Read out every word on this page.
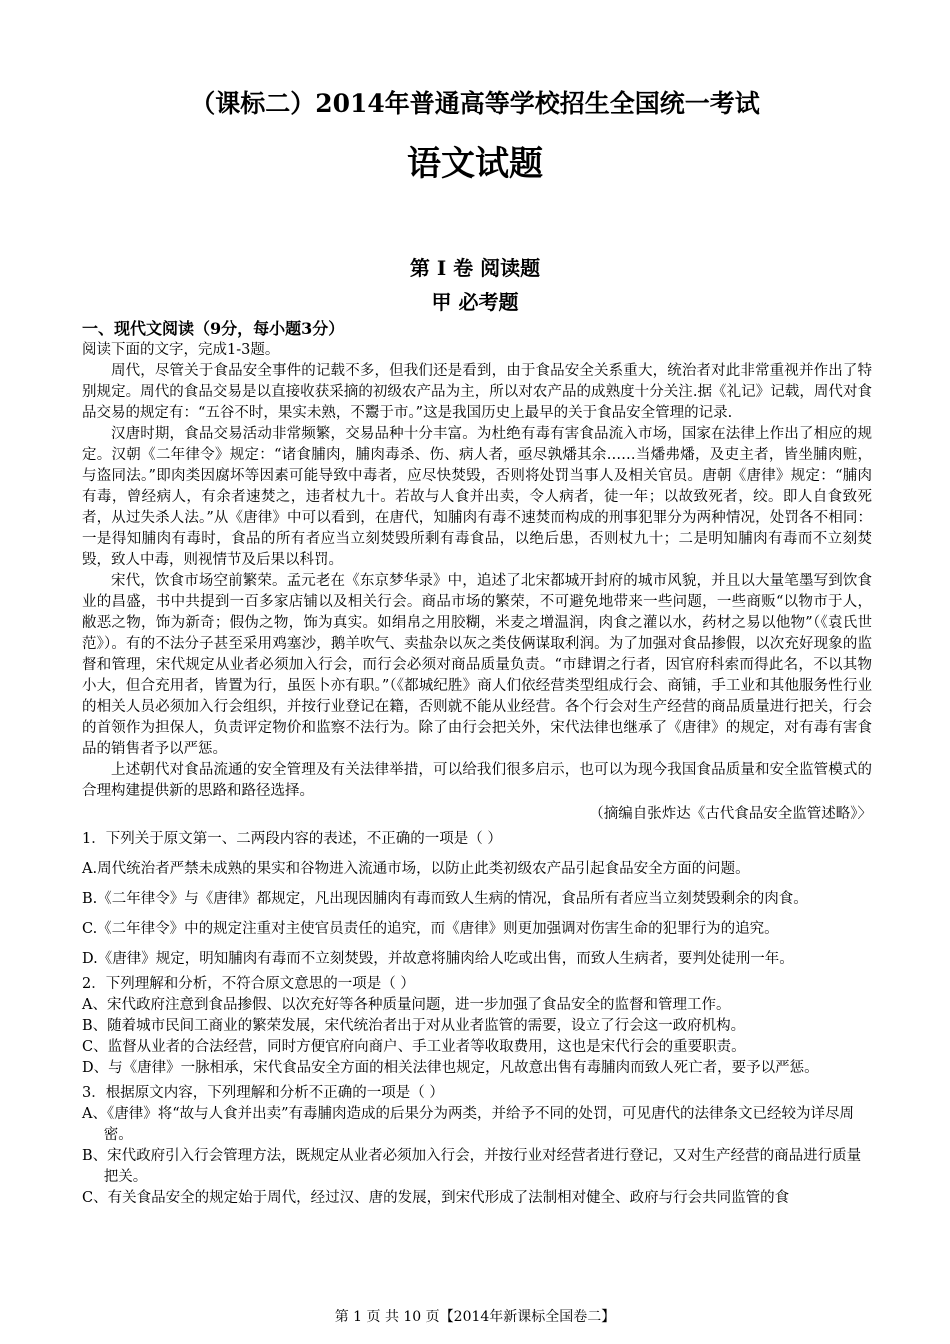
（课标二）2014年普通高等学校招生全国统一考试
语文试题
第 I 卷 阅读题
甲 必考题
一、现代文阅读（9分，每小题3分）

阅读下面的文字，完成1-3题。

周代，尽管关于食品安全事件的记载不多，但我们还是看到，由于食品安全关系重大，统治者对此非常重视并作出了特别规定。周代的食品交易是以直接收获采摘的初级农产品为主，所以对农产品的成熟度十分关注.据《礼记》记载，周代对食品交易的规定有：“五谷不时，果实未熟，不鬻于市。”这是我国历史上最早的关于食品安全管理的记录.

汉唐时期，食品交易活动非常频繁，交易品种十分丰富。为杜绝有毒有害食品流入市场，国家在法律上作出了相应的规定。汉朝《二年律令》规定：“诸食脯肉，脯肉毒杀、伤、病人者，亟尽孰燔其余……当燔弗燔，及吏主者，皆坐脯肉赃，与盗同法。”即肉类因腐坏等因素可能导致中毒者，应尽快焚毁，否则将处罚当事人及相关官员。唐朝《唐律》规定：“脯肉有毒，曾经病人，有余者速焚之，违者杖九十。若故与人食并出卖，令人病者，徒一年；以故致死者，绞。即人自食致死者，从过失杀人法。”从《唐律》中可以看到，在唐代，知脯肉有毒不速焚而构成的刑事犯罪分为两种情况，处罚各不相同：一是得知脯肉有毒时，食品的所有者应当立刻焚毁所剩有毒食品，以绝后患，否则杖九十；二是明知脯肉有毒而不立刻焚毁，致人中毒，则视情节及后果以科罚。

宋代，饮食市场空前繁荣。孟元老在《东京梦华录》中，追述了北宋都城开封府的城市风貌，并且以大量笔墨写到饮食业的昌盛，书中共提到一百多家店铺以及相关行会。商品市场的繁荣，不可避免地带来一些问题，一些商贩“以物市于人，敝恶之物，饰为新奇；假伪之物，饰为真实。如绢帛之用胶糊，米麦之增温润，肉食之灌以水，药材之易以他物”（《袁氏世范》）。有的不法分子甚至采用鸡塞沙，鹅羊吹气、卖盐杂以灰之类伎俩谋取利润。为了加强对食品掺假，以次充好现象的监督和管理，宋代规定从业者必须加入行会，而行会必须对商品质量负责。“市肆谓之行者，因官府科索而得此名，不以其物小大，但合充用者，皆置为行，虽医卜亦有职。”（《都城纪胜》商人们依经营类型组成行会、商铺，手工业和其他服务性行业的相关人员必须加入行会组织，并按行业登记在籍，否则就不能从业经营。各个行会对生产经营的商品质量进行把关，行会的首领作为担保人，负责评定物价和监察不法行为。除了由行会把关外，宋代法律也继承了《唐律》的规定，对有毒有害食品的销售者予以严惩。

上述朝代对食品流通的安全管理及有关法律举措，可以给我们很多启示，也可以为现今我国食品质量和安全监管模式的合理构建提供新的思路和路径选择。

（摘编自张炸达《古代食品安全监管述略》〉

1．下列关于原文第一、二两段内容的表述，不正确的一项是（ ）

A.周代统治者严禁未成熟的果实和谷物进入流通市场，以防止此类初级农产品引起食品安全方面的问题。

B.《二年律令》与《唐律》都规定，凡出现因脯肉有毒而致人生病的情况，食品所有者应当立刻焚毁剩余的肉食。

C.《二年律令》中的规定注重对主使官员责任的追究，而《唐律》则更加强调对伤害生命的犯罪行为的追究。

D.《唐律》规定，明知脯肉有毒而不立刻焚毁，并故意将脯肉给人吃或出售，而致人生病者，要判处徒刑一年。

2．下列理解和分析，不符合原文意思的一项是（ ）

A、宋代政府注意到食品掺假、以次充好等各种质量问题，进一步加强了食品安全的监督和管理工作。

B、随着城市民间工商业的繁荣发展，宋代统治者出于对从业者监管的需要，设立了行会这一政府机构。

C、监督从业者的合法经营，同时方便官府向商户、手工业者等收取费用，这也是宋代行会的重要职责。

D、与《唐律》一脉相承，宋代食品安全方面的相关法律也规定，凡故意出售有毒脯肉而致人死亡者，要予以严惩。

3．根据原文内容，下列理解和分析不正确的一项是（ ）

A、《唐律》将“故与人食并出卖”有毒脯肉造成的后果分为两类，并给予不同的处罚，可见唐代的法律条文已经较为详尽周密。

B、宋代政府引入行会管理方法，既规定从业者必须加入行会，并按行业对经营者进行登记，又对生产经营的商品进行质量把关。

C、有关食品安全的规定始于周代，经过汉、唐的发展，到宋代形成了法制相对健全、政府与行会共同监管的食

第 1 页 共 10 页【2014年新课标全国卷二】
